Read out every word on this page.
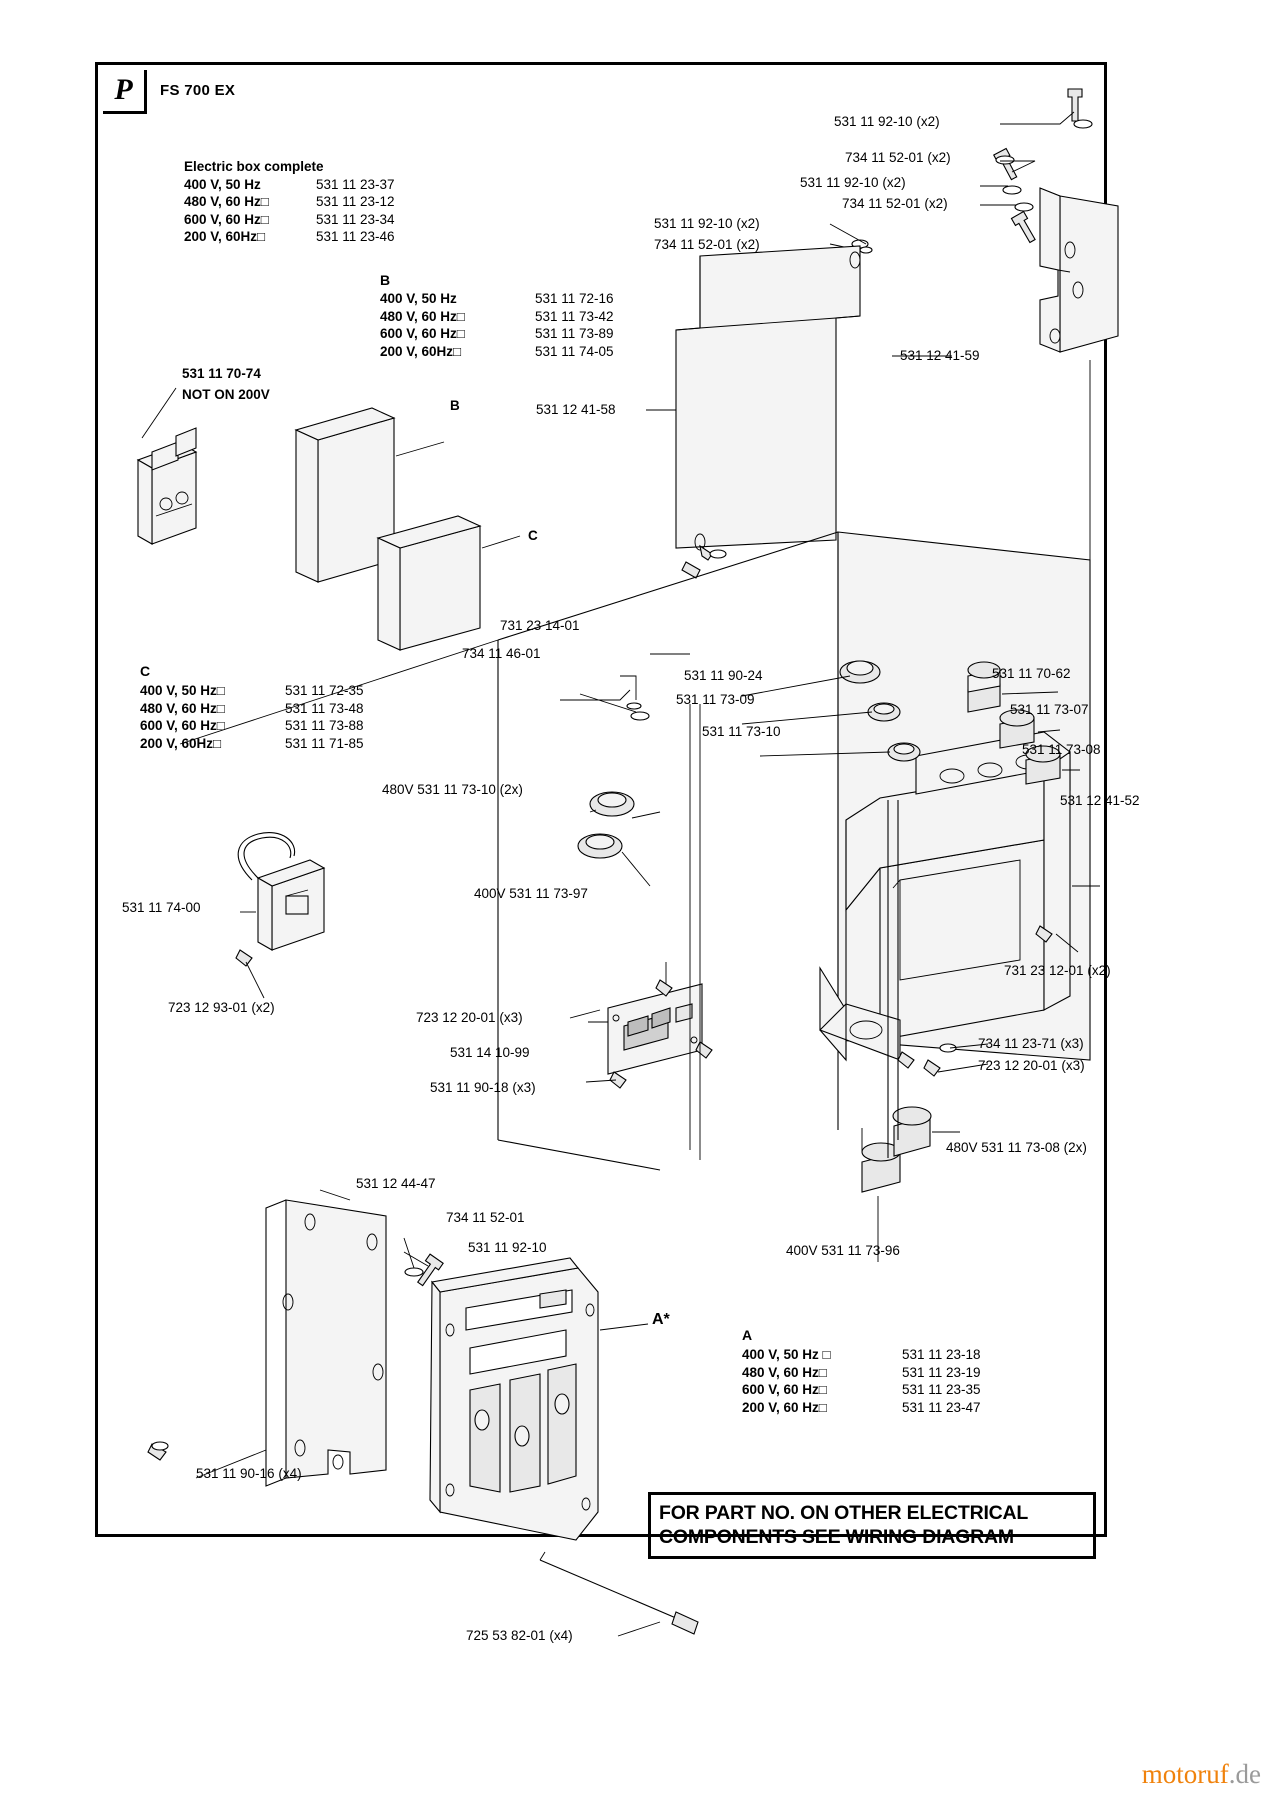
P	FS 700 EX
Electric box complete
400 V, 50 Hz	531 11 23-37
480 V, 60 Hz□	531 11 23-12
600 V, 60 Hz□	531 11 23-34
200 V, 60Hz□	531 11 23-46
B
400 V, 50 Hz	531 11 72-16
480 V, 60 Hz□	531 11 73-42
600 V, 60 Hz□	531 11 73-89
200 V, 60Hz□	531 11 74-05
C
400 V, 50 Hz□	531 11 72-35
480 V, 60 Hz□	531 11 73-48
600 V, 60 Hz□	531 11 73-88
200 V, 60Hz□	531 11 71-85
A
400 V, 50 Hz □	531 11 23-18
480 V, 60 Hz□	531 11 23-19
600 V, 60 Hz□	531 11 23-35
200 V, 60 Hz□	531 11 23-47
531 11 92-10 (x2)
734 11 52-01 (x2)
531 11 92-10 (x2)
734 11 52-01 (x2)
531 11 92-10 (x2)
734 11 52-01 (x2)
531 12 41-59
531 12 41-58
531 11 70-74
NOT ON 200V
B
C
731 23 14-01
734 11 46-01
531 11 90-24
531 11 73-09
531 11 73-10
531 11 70-62
531 11 73-07
531 11 73-08
531 12 41-52
480V 531 11 73-10 (2x)
400V 531 11 73-97
531 11 74-00
723 12 93-01 (x2)
723 12 20-01 (x3)
531 14 10-99
531 11 90-18 (x3)
731 23 12-01 (x2)
734 11 23-71 (x3)
723 12 20-01 (x3)
480V 531 11 73-08 (2x)
400V 531 11 73-96
531 12 44-47
734 11 52-01
531 11 92-10
531 11 90-16 (x4)
A*
725 53 82-01 (x4)
FOR PART NO. ON OTHER ELECTRICAL
COMPONENTS SEE WIRING DIAGRAM
motoruf.de
